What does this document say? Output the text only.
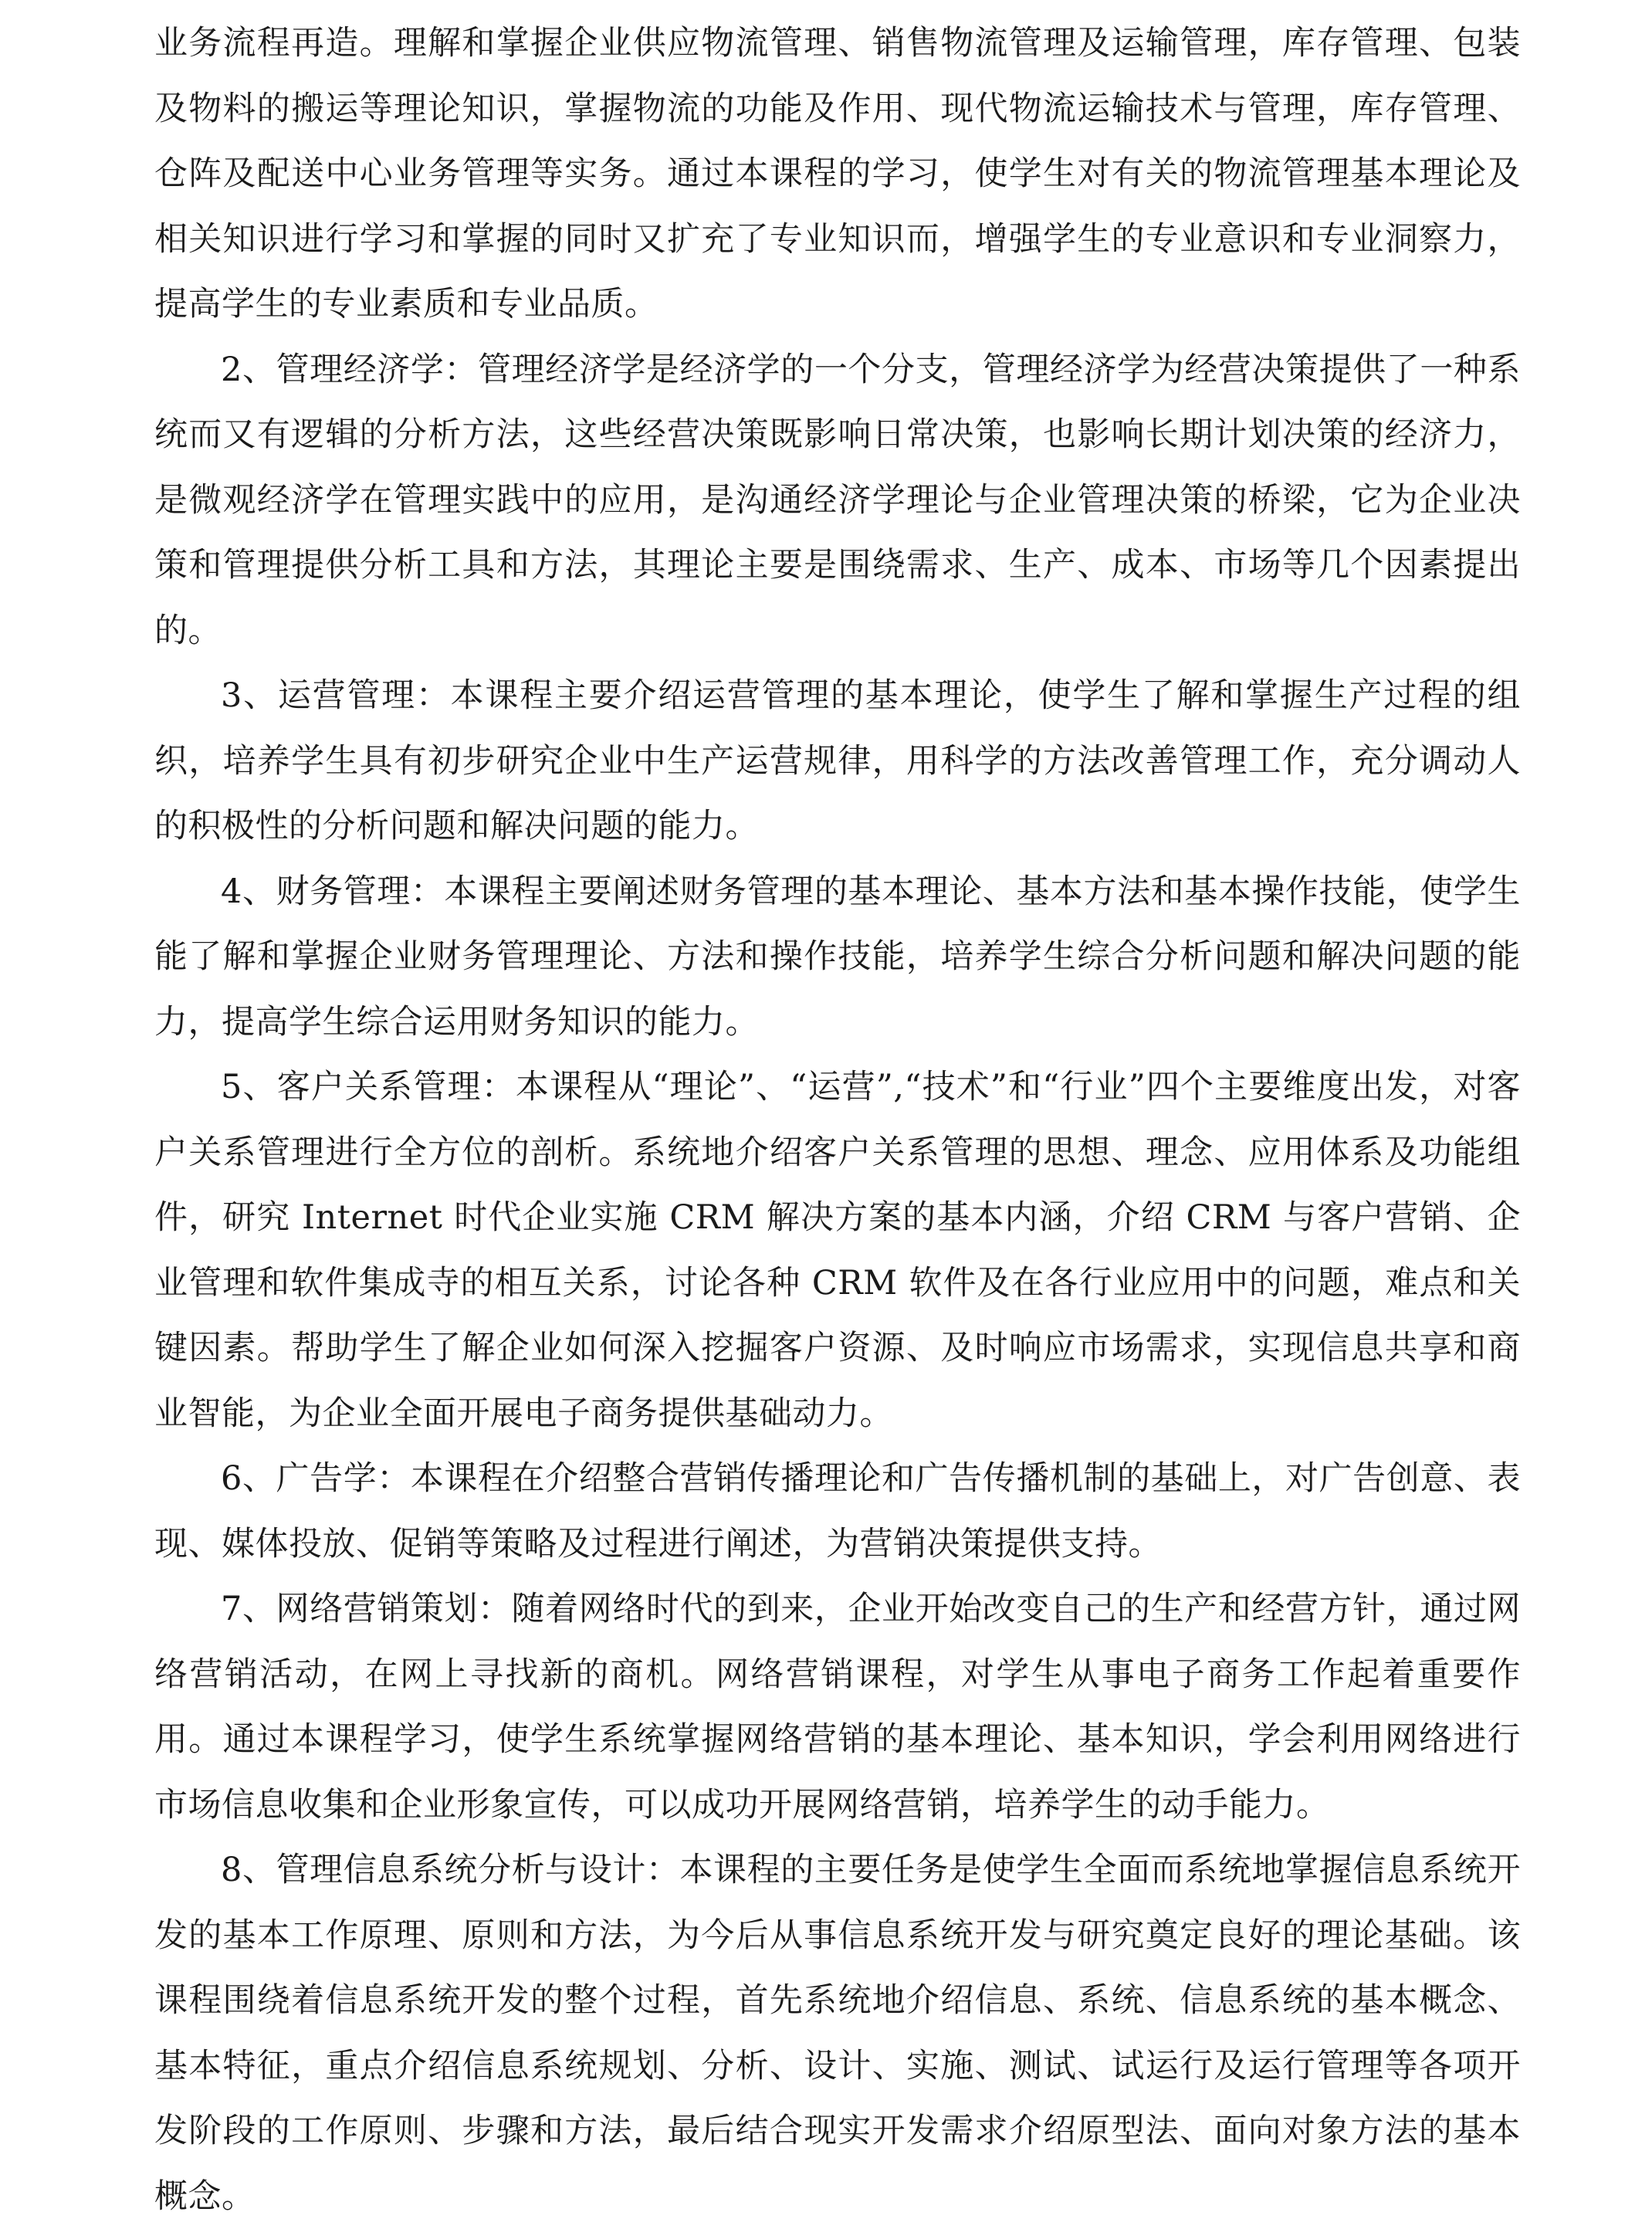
业务流程再造。理解和掌握企业供应物流管理、销售物流管理及运输管理，库存管理、包装及物料的搬运等理论知识，掌握物流的功能及作用、现代物流运输技术与管理，库存管理、仓阵及配送中心业务管理等实务。通过本课程的学习，使学生对有关的物流管理基本理论及相关知识进行学习和掌握的同时又扩充了专业知识而，增强学生的专业意识和专业洞察力，提高学生的专业素质和专业品质。

2、管理经济学：管理经济学是经济学的一个分支，管理经济学为经营决策提供了一种系统而又有逻辑的分析方法，这些经营决策既影响日常决策，也影响长期计划决策的经济力，是微观经济学在管理实践中的应用，是沟通经济学理论与企业管理决策的桥梁，它为企业决策和管理提供分析工具和方法，其理论主要是围绕需求、生产、成本、市场等几个因素提出的。

3、运营管理：本课程主要介绍运营管理的基本理论，使学生了解和掌握生产过程的组织，培养学生具有初步研究企业中生产运营规律，用科学的方法改善管理工作，充分调动人的积极性的分析问题和解决问题的能力。

4、财务管理：本课程主要阐述财务管理的基本理论、基本方法和基本操作技能，使学生能了解和掌握企业财务管理理论、方法和操作技能，培养学生综合分析问题和解决问题的能力，提高学生综合运用财务知识的能力。

5、客户关系管理：本课程从“理论”、“运营”,“技术”和“行业”四个主要维度出发，对客户关系管理进行全方位的剖析。系统地介绍客户关系管理的思想、理念、应用体系及功能组件，研究 Internet 时代企业实施 CRM 解决方案的基本内涵，介绍 CRM 与客户营销、企业管理和软件集成寺的相互关系，讨论各种 CRM 软件及在各行业应用中的问题，难点和关键因素。帮助学生了解企业如何深入挖掘客户资源、及时响应市场需求，实现信息共享和商业智能，为企业全面开展电子商务提供基础动力。

6、广告学：本课程在介绍整合营销传播理论和广告传播机制的基础上，对广告创意、表现、媒体投放、促销等策略及过程进行阐述，为营销决策提供支持。

7、网络营销策划：随着网络时代的到来，企业开始改变自己的生产和经营方针，通过网络营销活动，在网上寻找新的商机。网络营销课程，对学生从事电子商务工作起着重要作用。通过本课程学习，使学生系统掌握网络营销的基本理论、基本知识，学会利用网络进行市场信息收集和企业形象宣传，可以成功开展网络营销，培养学生的动手能力。

8、管理信息系统分析与设计：本课程的主要任务是使学生全面而系统地掌握信息系统开发的基本工作原理、原则和方法，为今后从事信息系统开发与研究奠定良好的理论基础。该课程围绕着信息系统开发的整个过程，首先系统地介绍信息、系统、信息系统的基本概念、基本特征，重点介绍信息系统规划、分析、设计、实施、测试、试运行及运行管理等各项开发阶段的工作原则、步骤和方法，最后结合现实开发需求介绍原型法、面向对象方法的基本概念。
